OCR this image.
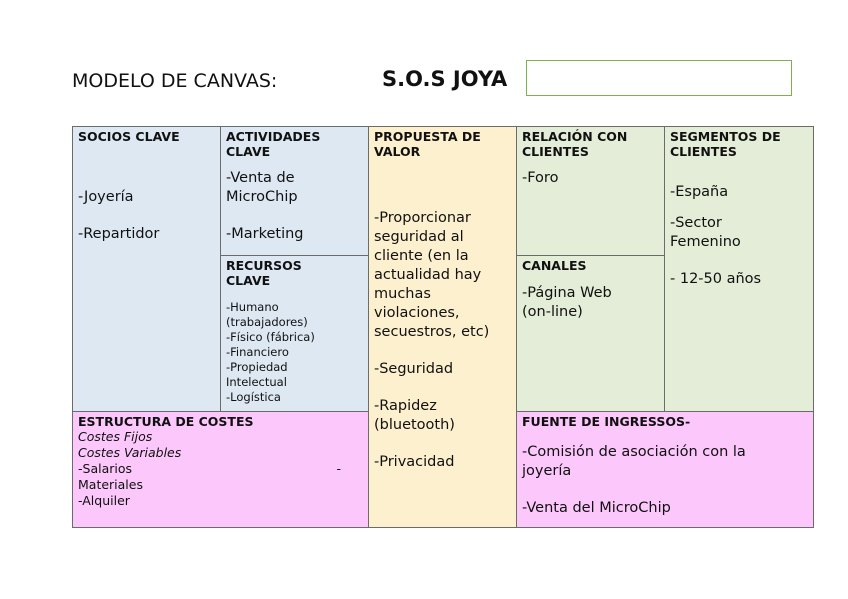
MODELO DE CANVAS:	S.O.S JOYA
SOCIOS CLAVE
-Joyería
-Repartidor
ACTIVIDADES
CLAVE
-Venta de
MicroChip
-Marketing
RECURSOS
CLAVE
-Humano
(trabajadores)
-Físico (fábrica)
-Financiero
-Propiedad
Intelectual
-Logística
PROPUESTA DE
VALOR
-Proporcionar
seguridad al
cliente (en la
actualidad hay
muchas
violaciones,
secuestros, etc)
-Seguridad
-Rapidez
(bluetooth)
-Privacidad
RELACIÓN CON
CLIENTES
-Foro
CANALES
-Página Web
(on-line)
SEGMENTOS DE
CLIENTES
-España
-Sector
Femenino
- 12-50 años
ESTRUCTURA DE COSTES
Costes Fijos
Costes Variables
-Salarios	-
Materiales
-Alquiler
FUENTE DE INGRESSOS-
-Comisión de asociación con la
joyería
-Venta del MicroChip
